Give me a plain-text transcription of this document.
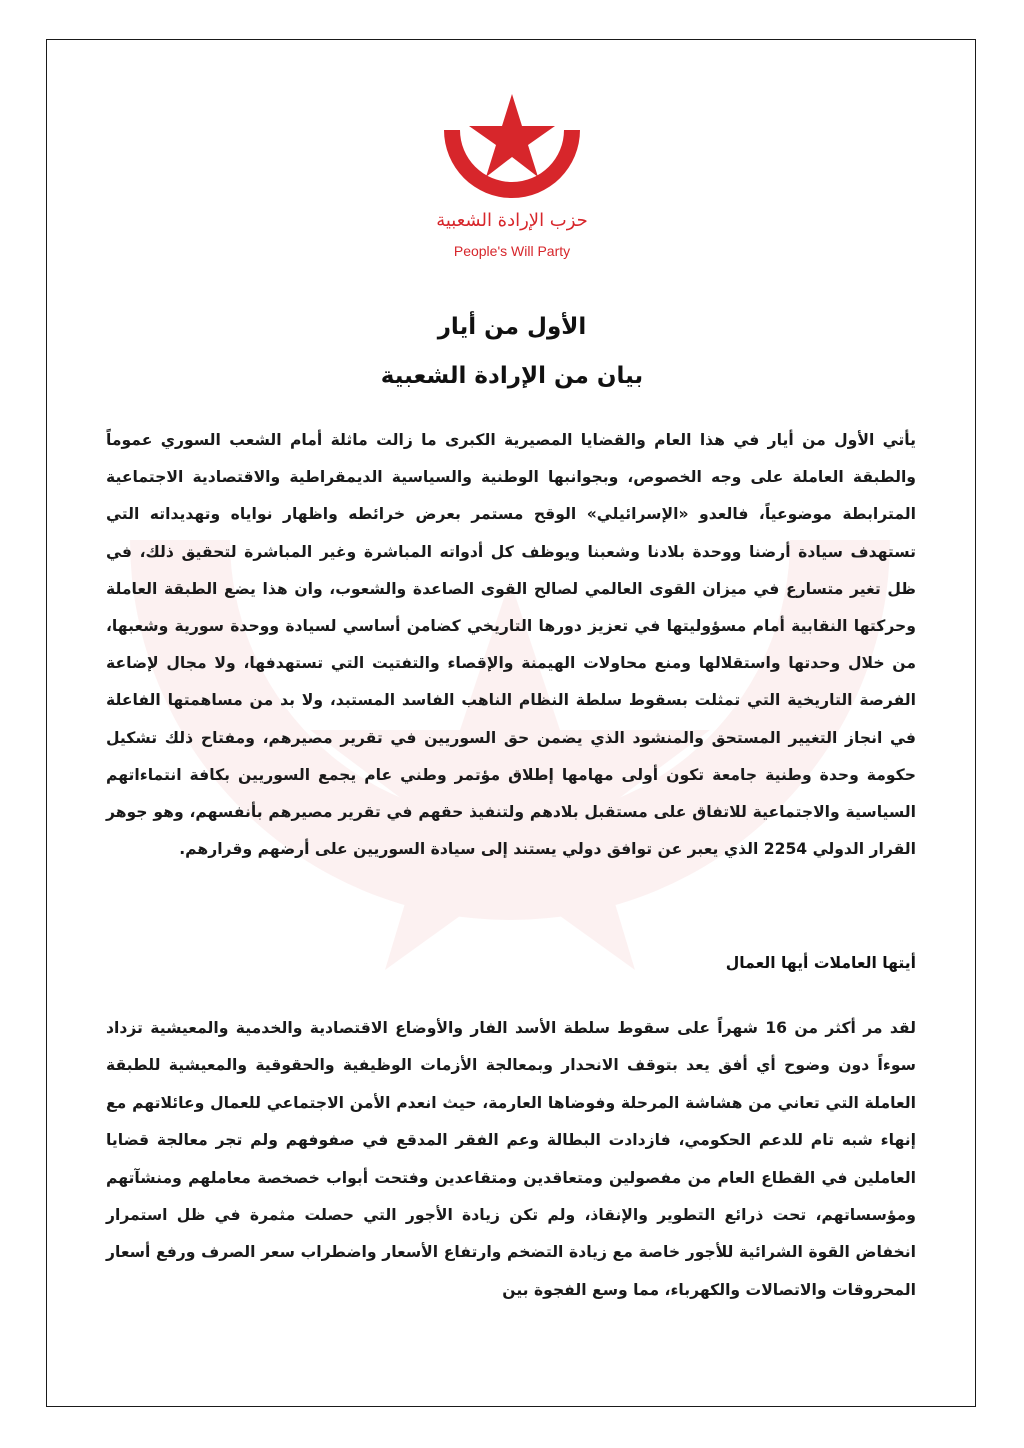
حزب الإرادة الشعبية
People's Will Party
الأول من أيار
بيان من الإرادة الشعبية

يأتي الأول من أيار في هذا العام والقضايا المصيرية الكبرى ما زالت ماثلة أمام الشعب السوري عموماً والطبقة العاملة على وجه الخصوص، وبجوانبها الوطنية والسياسية الديمقراطية والاقتصادية الاجتماعية المترابطة موضوعياً، فالعدو «الإسرائيلي» الوقح مستمر بعرض خرائطه واظهار نواياه وتهديداته التي تستهدف سيادة أرضنا ووحدة بلادنا وشعبنا ويوظف كل أدواته المباشرة وغير المباشرة لتحقيق ذلك، في ظل تغير متسارع في ميزان القوى العالمي لصالح القوى الصاعدة والشعوب، وان هذا يضع الطبقة العاملة وحركتها النقابية أمام مسؤوليتها في تعزيز دورها التاريخي كضامن أساسي لسيادة ووحدة سورية وشعبها، من خلال وحدتها واستقلالها ومنع محاولات الهيمنة والإقصاء والتفتيت التي تستهدفها، ولا مجال لإضاعة الفرصة التاريخية التي تمثلت بسقوط سلطة النظام الناهب الفاسد المستبد، ولا بد من مساهمتها الفاعلة في انجاز التغيير المستحق والمنشود الذي يضمن حق السوريين في تقرير مصيرهم، ومفتاح ذلك تشكيل حكومة وحدة وطنية جامعة تكون أولى مهامها إطلاق مؤتمر وطني عام يجمع السوريين بكافة انتماءاتهم السياسية والاجتماعية للاتفاق على مستقبل بلادهم ولتنفيذ حقهم في تقرير مصيرهم بأنفسهم، وهو جوهر القرار الدولي 2254 الذي يعبر عن توافق دولي يستند إلى سيادة السوريين على أرضهم وقرارهم.

أيتها العاملات أيها العمال

لقد مر أكثر من 16 شهراً على سقوط سلطة الأسد الفار والأوضاع الاقتصادية والخدمية والمعيشية تزداد سوءاً دون وضوح أي أفق يعد بتوقف الانحدار وبمعالجة الأزمات الوظيفية والحقوقية والمعيشية للطبقة العاملة التي تعاني من هشاشة المرحلة وفوضاها العارمة، حيث انعدم الأمن الاجتماعي للعمال وعائلاتهم مع إنهاء شبه تام للدعم الحكومي، فازدادت البطالة وعم الفقر المدقع في صفوفهم ولم تجر معالجة قضايا العاملين في القطاع العام من مفصولين ومتعاقدين ومتقاعدين وفتحت أبواب خصخصة معاملهم ومنشآتهم ومؤسساتهم، تحت ذرائع التطوير والإنقاذ، ولم تكن زيادة الأجور التي حصلت مثمرة في ظل استمرار انخفاض القوة الشرائية للأجور خاصة مع زيادة التضخم وارتفاع الأسعار واضطراب سعر الصرف ورفع أسعار المحروقات والاتصالات والكهرباء، مما وسع الفجوة بين
